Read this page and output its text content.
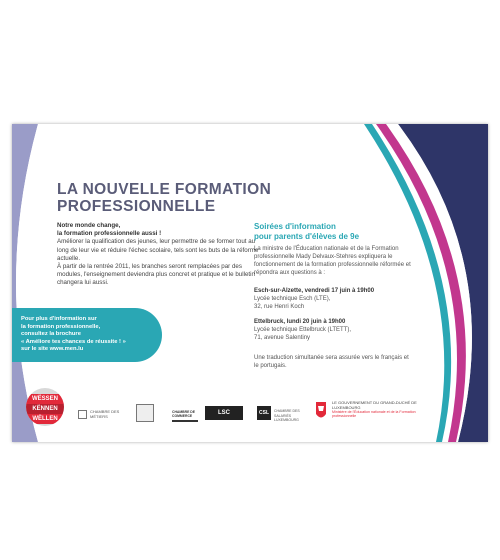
LA NOUVELLE FORMATION
PROFESSIONNELLE
Notre monde change,
la formation professionnelle aussi !

Améliorer la qualification des jeunes, leur permettre de se former tout au long de leur vie et réduire l'échec scolaire, tels sont les buts de la réforme actuelle.

À partir de la rentrée 2011, les branches seront remplacées par des modules, l'enseignement deviendra plus concret et pratique et le bulletin changera lui aussi.

Pour plus d'information sur
la formation professionnelle,
consultez la brochure
« Améliore tes chances de réussite ! »
sur le site www.men.lu

Soirées d'information
pour parents d'élèves de 9e

La ministre de l'Éducation nationale et de la Formation professionnelle Mady Delvaux-Stehres expliquera le fonctionnement de la formation professionnelle réformée et répondra aux questions à :

Esch-sur-Alzette, vendredi 17 juin à 19h00
Lycée technique Esch (LTE),
32, rue Henri Koch
Ettelbruck, lundi 20 juin à 19h00
Lycée technique Ettelbruck (LTETT),
71, avenue Salentiny

Une traduction simultanée sera assurée vers le français et le portugais.

WËSSEN
KËNNEN
WËLLEN
CHAMBRE DES MÉTIERS
CHAMBRE DE COMMERCE	LSC	CSL	CHAMBRE DES SALARIÉS LUXEMBOURG
LE GOUVERNEMENT DU GRAND-DUCHÉ DE LUXEMBOURG
Ministère de l'Éducation nationale et de la Formation professionnelle
